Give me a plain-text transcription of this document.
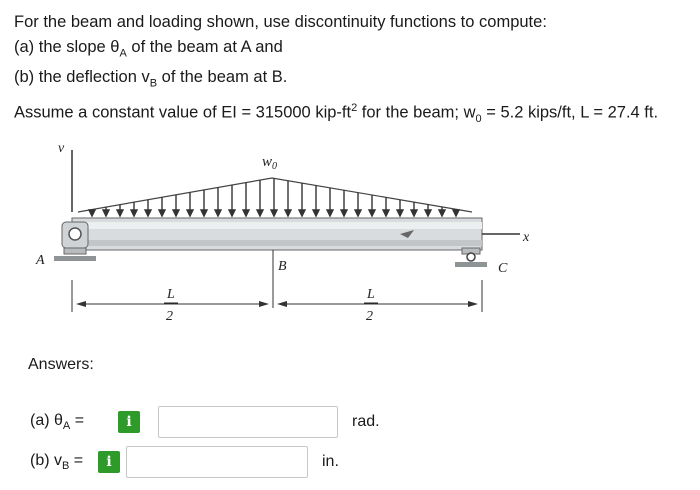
For the beam and loading shown, use discontinuity functions to compute:

(a) the slope $\theta_A$ of the beam at A and

(b) the deflection $v_B$ of the beam at B.

Assume a constant value of EI = 315000 kip-$ft^2$ for the beam; $w_0 = 5.2$ kips/ft, L = 27.4 ft.

v
$w_0$
x
A
C
B
L
2
L
2
Answers:
(a) $\theta_A$ =	i	rad.
(b) $v_B$ =	i	in.
